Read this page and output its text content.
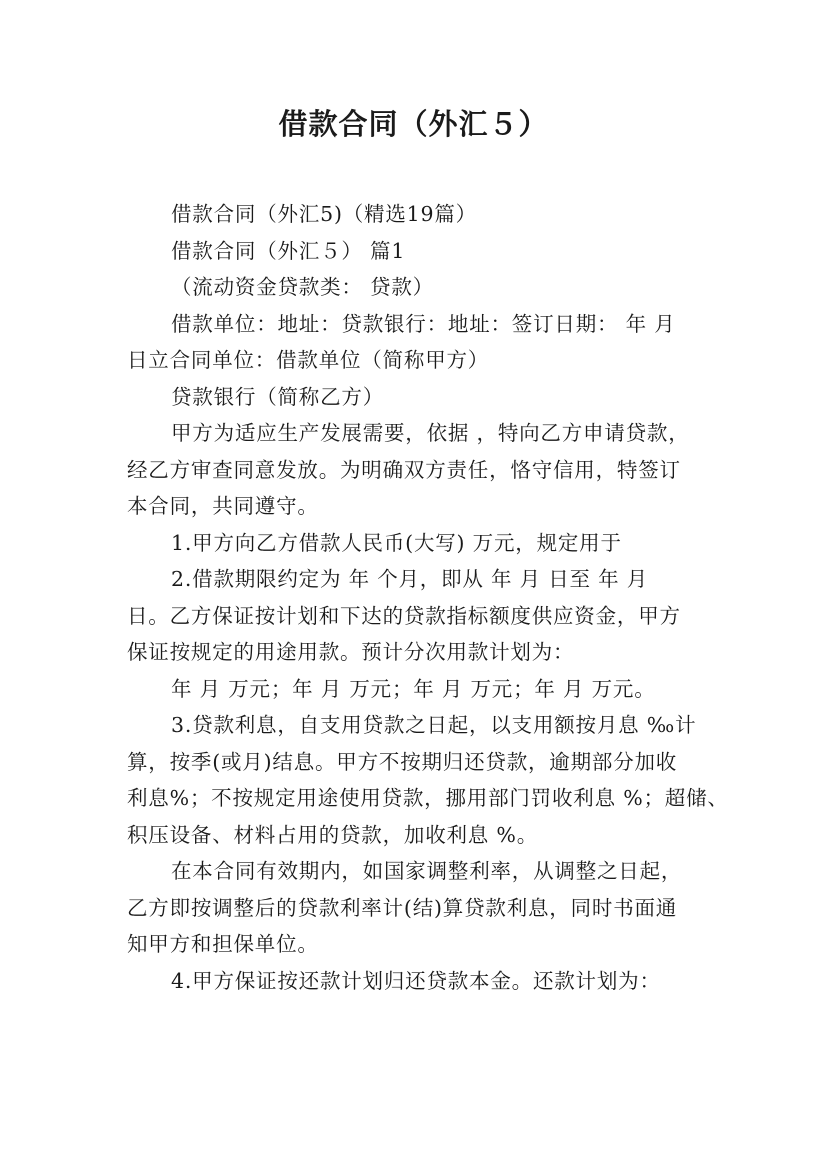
借款合同（外汇５）
借款合同（外汇5)（精选19篇）
借款合同（外汇５） 篇1
（流动资金贷款类： 贷款）
借款单位：地址：贷款银行：地址：签订日期： 年 月
日立合同单位：借款单位（简称甲方）
贷款银行（简称乙方）
甲方为适应生产发展需要，依据 ，特向乙方申请贷款，
经乙方审查同意发放。为明确双方责任，恪守信用，特签订
本合同，共同遵守。
1.甲方向乙方借款人民币(大写) 万元，规定用于
2.借款期限约定为 年 个月，即从 年 月 日至 年 月
日。乙方保证按计划和下达的贷款指标额度供应资金，甲方
保证按规定的用途用款。预计分次用款计划为：
年 月 万元；年 月 万元；年 月 万元；年 月 万元。
3.贷款利息，自支用贷款之日起，以支用额按月息 ‰计
算，按季(或月)结息。甲方不按期归还贷款，逾期部分加收
利息%；不按规定用途使用贷款，挪用部门罚收利息 %；超储、
积压设备、材料占用的贷款，加收利息 %。
在本合同有效期内，如国家调整利率，从调整之日起，
乙方即按调整后的贷款利率计(结)算贷款利息，同时书面通
知甲方和担保单位。
4.甲方保证按还款计划归还贷款本金。还款计划为：
